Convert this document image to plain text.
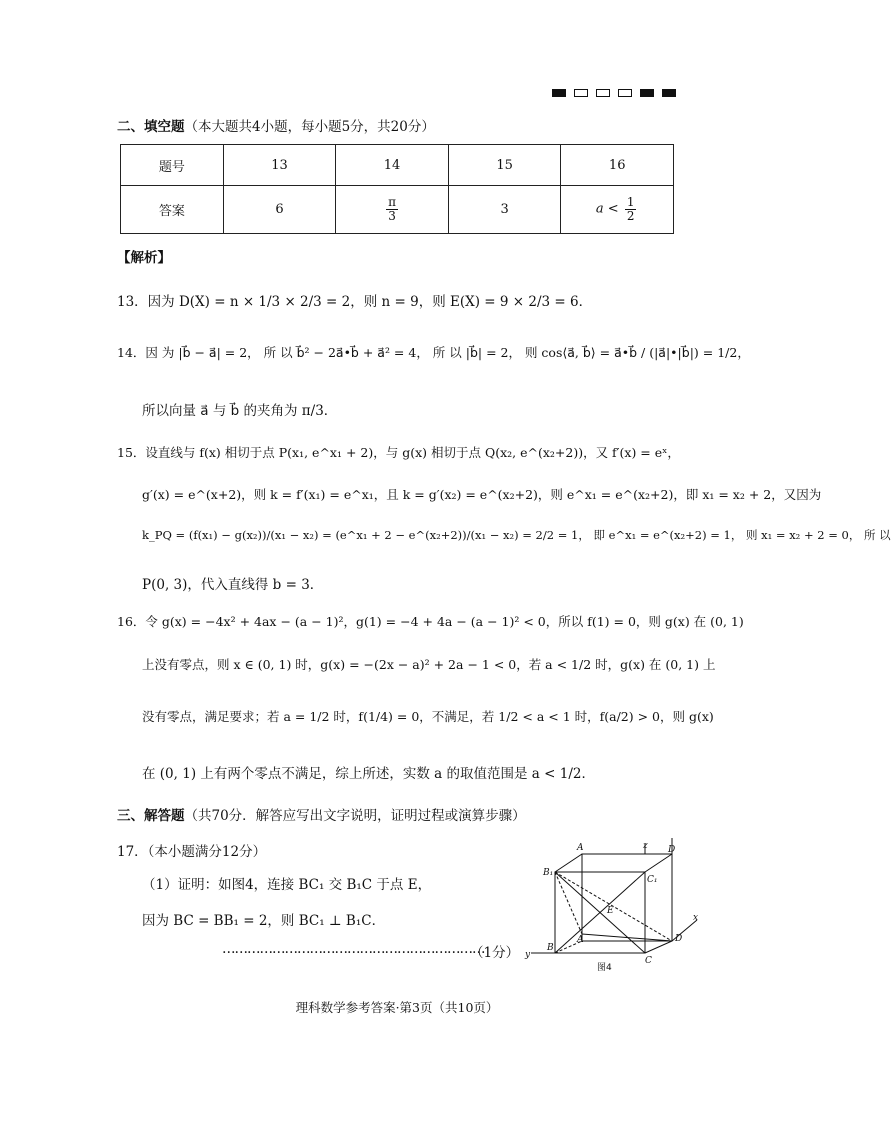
二、填空题（本大题共4小题，每小题5分，共20分）
题号	13	14	15	16
答案	6	$\frac{\pi}{3}$	3	$a < \frac{1}{2}$
【解析】
13．因为 D(X) = n × 1/3 × 2/3 = 2，则 n = 9，则 E(X) = 9 × 2/3 = 6．
14．因 为 |b⃗ − a⃗| = 2， 所 以 b⃗² − 2a⃗•b⃗ + a⃗² = 4， 所 以 |b⃗| = 2， 则 cos⟨a⃗, b⃗⟩ = a⃗•b⃗ / (|a⃗|•|b⃗|) = 1/2，
所以向量 a⃗ 与 b⃗ 的夹角为 π/3．
15．设直线与 f(x) 相切于点 P(x₁, e^x₁ + 2)，与 g(x) 相切于点 Q(x₂, e^(x₂+2))，又 f′(x) = eˣ，
g′(x) = e^(x+2)，则 k = f′(x₁) = e^x₁，且 k = g′(x₂) = e^(x₂+2)，则 e^x₁ = e^(x₂+2)，即 x₁ = x₂ + 2，又因为
k_PQ = (f(x₁) − g(x₂))/(x₁ − x₂) = (e^x₁ + 2 − e^(x₂+2))/(x₁ − x₂) = 2/2 = 1， 即 e^x₁ = e^(x₂+2) = 1， 则 x₁ = x₂ + 2 = 0， 所 以
P(0, 3)，代入直线得 b = 3．
16．令 g(x) = −4x² + 4ax − (a − 1)²，g(1) = −4 + 4a − (a − 1)² < 0，所以 f(1) = 0，则 g(x) 在 (0, 1)
上没有零点，则 x ∈ (0, 1) 时，g(x) = −(2x − a)² + 2a − 1 < 0，若 a < 1/2 时，g(x) 在 (0, 1) 上
没有零点，满足要求；若 a = 1/2 时，f(1/4) = 0，不满足，若 1/2 < a < 1 时，f(a/2) > 0，则 g(x)
在 (0, 1) 上有两个零点不满足，综上所述，实数 a 的取值范围是 a < 1/2．
三、解答题（共70分．解答应写出文字说明，证明过程或演算步骤）
17．（本小题满分12分）
（1）证明：如图4，连接 BC₁ 交 B₁C 于点 E，
因为 BC = BB₁ = 2，则 BC₁ ⊥ B₁C．
………………………………………………………
（1分）
A	z D
B₁
C₁
E
x
B
A	D
C
y
图4
理科数学参考答案·第3页（共10页）
